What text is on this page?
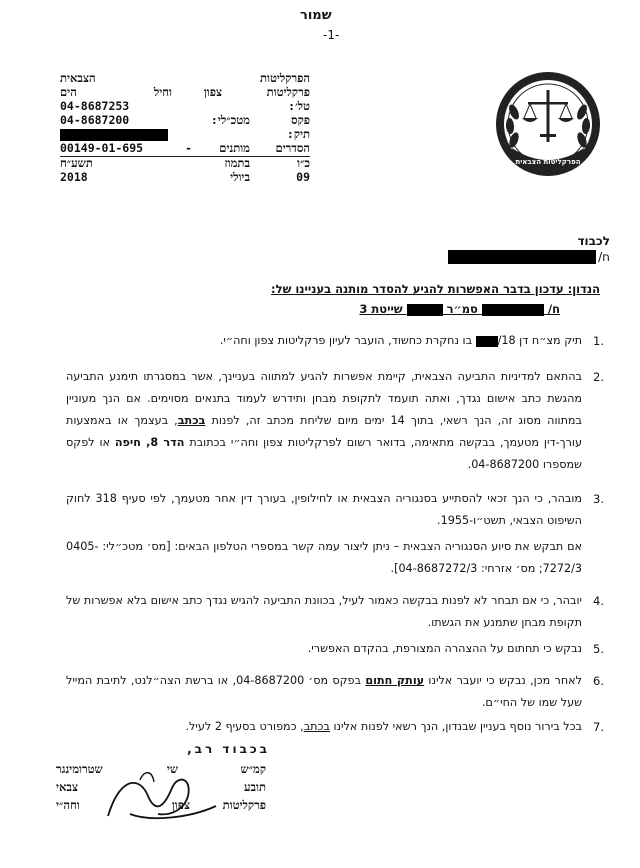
שמור
-1-
הפרקליטות
הצבאית
פרקליטות
צפון
וחיל
הים
טל׳:
04-8687253
פקס
מטכ״לי:
04-8687200
תיק:
הסדרים
מותנים
-
00149-01-695
כ״ו
בתמוז
תשע״ח
09
ביולי
2018
הפרקליטות הצבאית
לכבוד
ח/
הנדון: עדכון בדבר האפשרות להגיע להסדר מותנה בעניינו של:
ח/  סמ״ר  שייטת 3
1.
תיק מצ״ח דן 18/ בו נחקרת כחשוד, הועבר לעיון פרקליטות צפון וחה״י.
2.
בהתאם למדיניות התביעה הצבאית, קיימת אפשרות להגיע למתווה בעניינך, אשר במסגרתו תימנע התביעה מהגשת כתב אישום נגדך, ואתה תועמד לתקופת מבחן ותידרש לעמוד בתנאים מסוימים. אם הנך מעוניין במתווה מסוג זה, הנך רשאי, בתוך 14 ימים מיום שליחת מכתב זה, לפנות בכתב, בעצמך או באמצעות עורך-דין מטעמך, בבקשה מתאימה, בדואר רשום לפרקליטות צפון וחה״י בכתובת הדר 8, חיפה או לפקס שמספרו 04-8687200.
3.
מובהר, כי הנך זכאי להסתייע בסנגוריה הצבאית או לחילופין, בעורך דין אחר מטעמך, לפי סעיף 318 לחוק השיפוט הצבאי, תשט״ו-1955.
אם תבקש את סיוע הסנגוריה הצבאית – ניתן ליצור עמה קשר במספרי הטלפון הבאים: [מס׳ מטכ״לי: 0405-7272/3; מס׳ אזרחי: 04-8687272/3].
4.
יובהר, כי אם תבחר לא לפנות בבקשה כאמור לעיל, בכוונת התביעה להגיש נגדך כתב אישום בלא אפשרות של תקופת מבחן שתמנע את הגשתו.
5.
נבקש כי תחתום על ההצהרה המצורפת, בהקדם האפשרי.
6.
לאחר מכן, נבקש כי יועבר אלינו עותק חתום בפקס מס׳ 04-8687200, או ברשת הצה״לנט, לתיבת המייל שעל שמו של החי״ם.
7.
בכל בירור נוסף בעניין שבנדון, הנך רשאי לפנות אלינו בכתב, כמפורט בסעיף 2 לעיל.
בכבוד רב,
קמ״ש
שי
שטרומינגר
תובע
צבאי
פרקליטות
צפון
וחה״י
